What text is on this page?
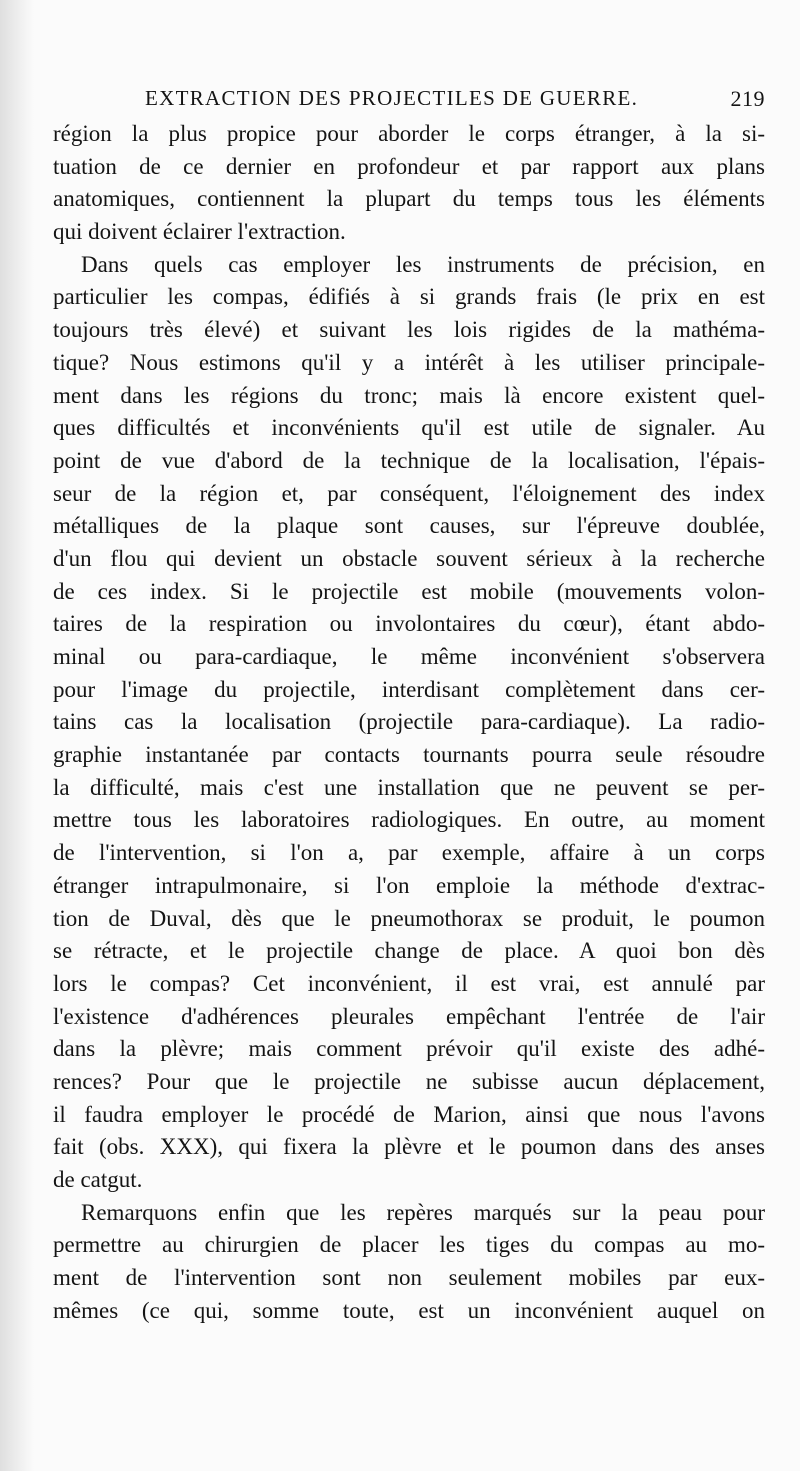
EXTRACTION DES PROJECTILES DE GUERRE.	219
région la plus propice pour aborder le corps étranger, à la si-
tuation de ce dernier en profondeur et par rapport aux plans
anatomiques, contiennent la plupart du temps tous les éléments
qui doivent éclairer l'extraction.
Dans quels cas employer les instruments de précision, en
particulier les compas, édifiés à si grands frais (le prix en est
toujours très élevé) et suivant les lois rigides de la mathéma-
tique? Nous estimons qu'il y a intérêt à les utiliser principale-
ment dans les régions du tronc; mais là encore existent quel-
ques difficultés et inconvénients qu'il est utile de signaler. Au
point de vue d'abord de la technique de la localisation, l'épais-
seur de la région et, par conséquent, l'éloignement des index
métalliques de la plaque sont causes, sur l'épreuve doublée,
d'un flou qui devient un obstacle souvent sérieux à la recherche
de ces index. Si le projectile est mobile (mouvements volon-
taires de la respiration ou involontaires du cœur), étant abdo-
minal ou para-cardiaque, le même inconvénient s'observera
pour l'image du projectile, interdisant complètement dans cer-
tains cas la localisation (projectile para-cardiaque). La radio-
graphie instantanée par contacts tournants pourra seule résoudre
la difficulté, mais c'est une installation que ne peuvent se per-
mettre tous les laboratoires radiologiques. En outre, au moment
de l'intervention, si l'on a, par exemple, affaire à un corps
étranger intrapulmonaire, si l'on emploie la méthode d'extrac-
tion de Duval, dès que le pneumothorax se produit, le poumon
se rétracte, et le projectile change de place. A quoi bon dès
lors le compas? Cet inconvénient, il est vrai, est annulé par
l'existence d'adhérences pleurales empêchant l'entrée de l'air
dans la plèvre; mais comment prévoir qu'il existe des adhé-
rences? Pour que le projectile ne subisse aucun déplacement,
il faudra employer le procédé de Marion, ainsi que nous l'avons
fait (obs. XXX), qui fixera la plèvre et le poumon dans des anses
de catgut.
Remarquons enfin que les repères marqués sur la peau pour
permettre au chirurgien de placer les tiges du compas au mo-
ment de l'intervention sont non seulement mobiles par eux-
mêmes (ce qui, somme toute, est un inconvénient auquel on
